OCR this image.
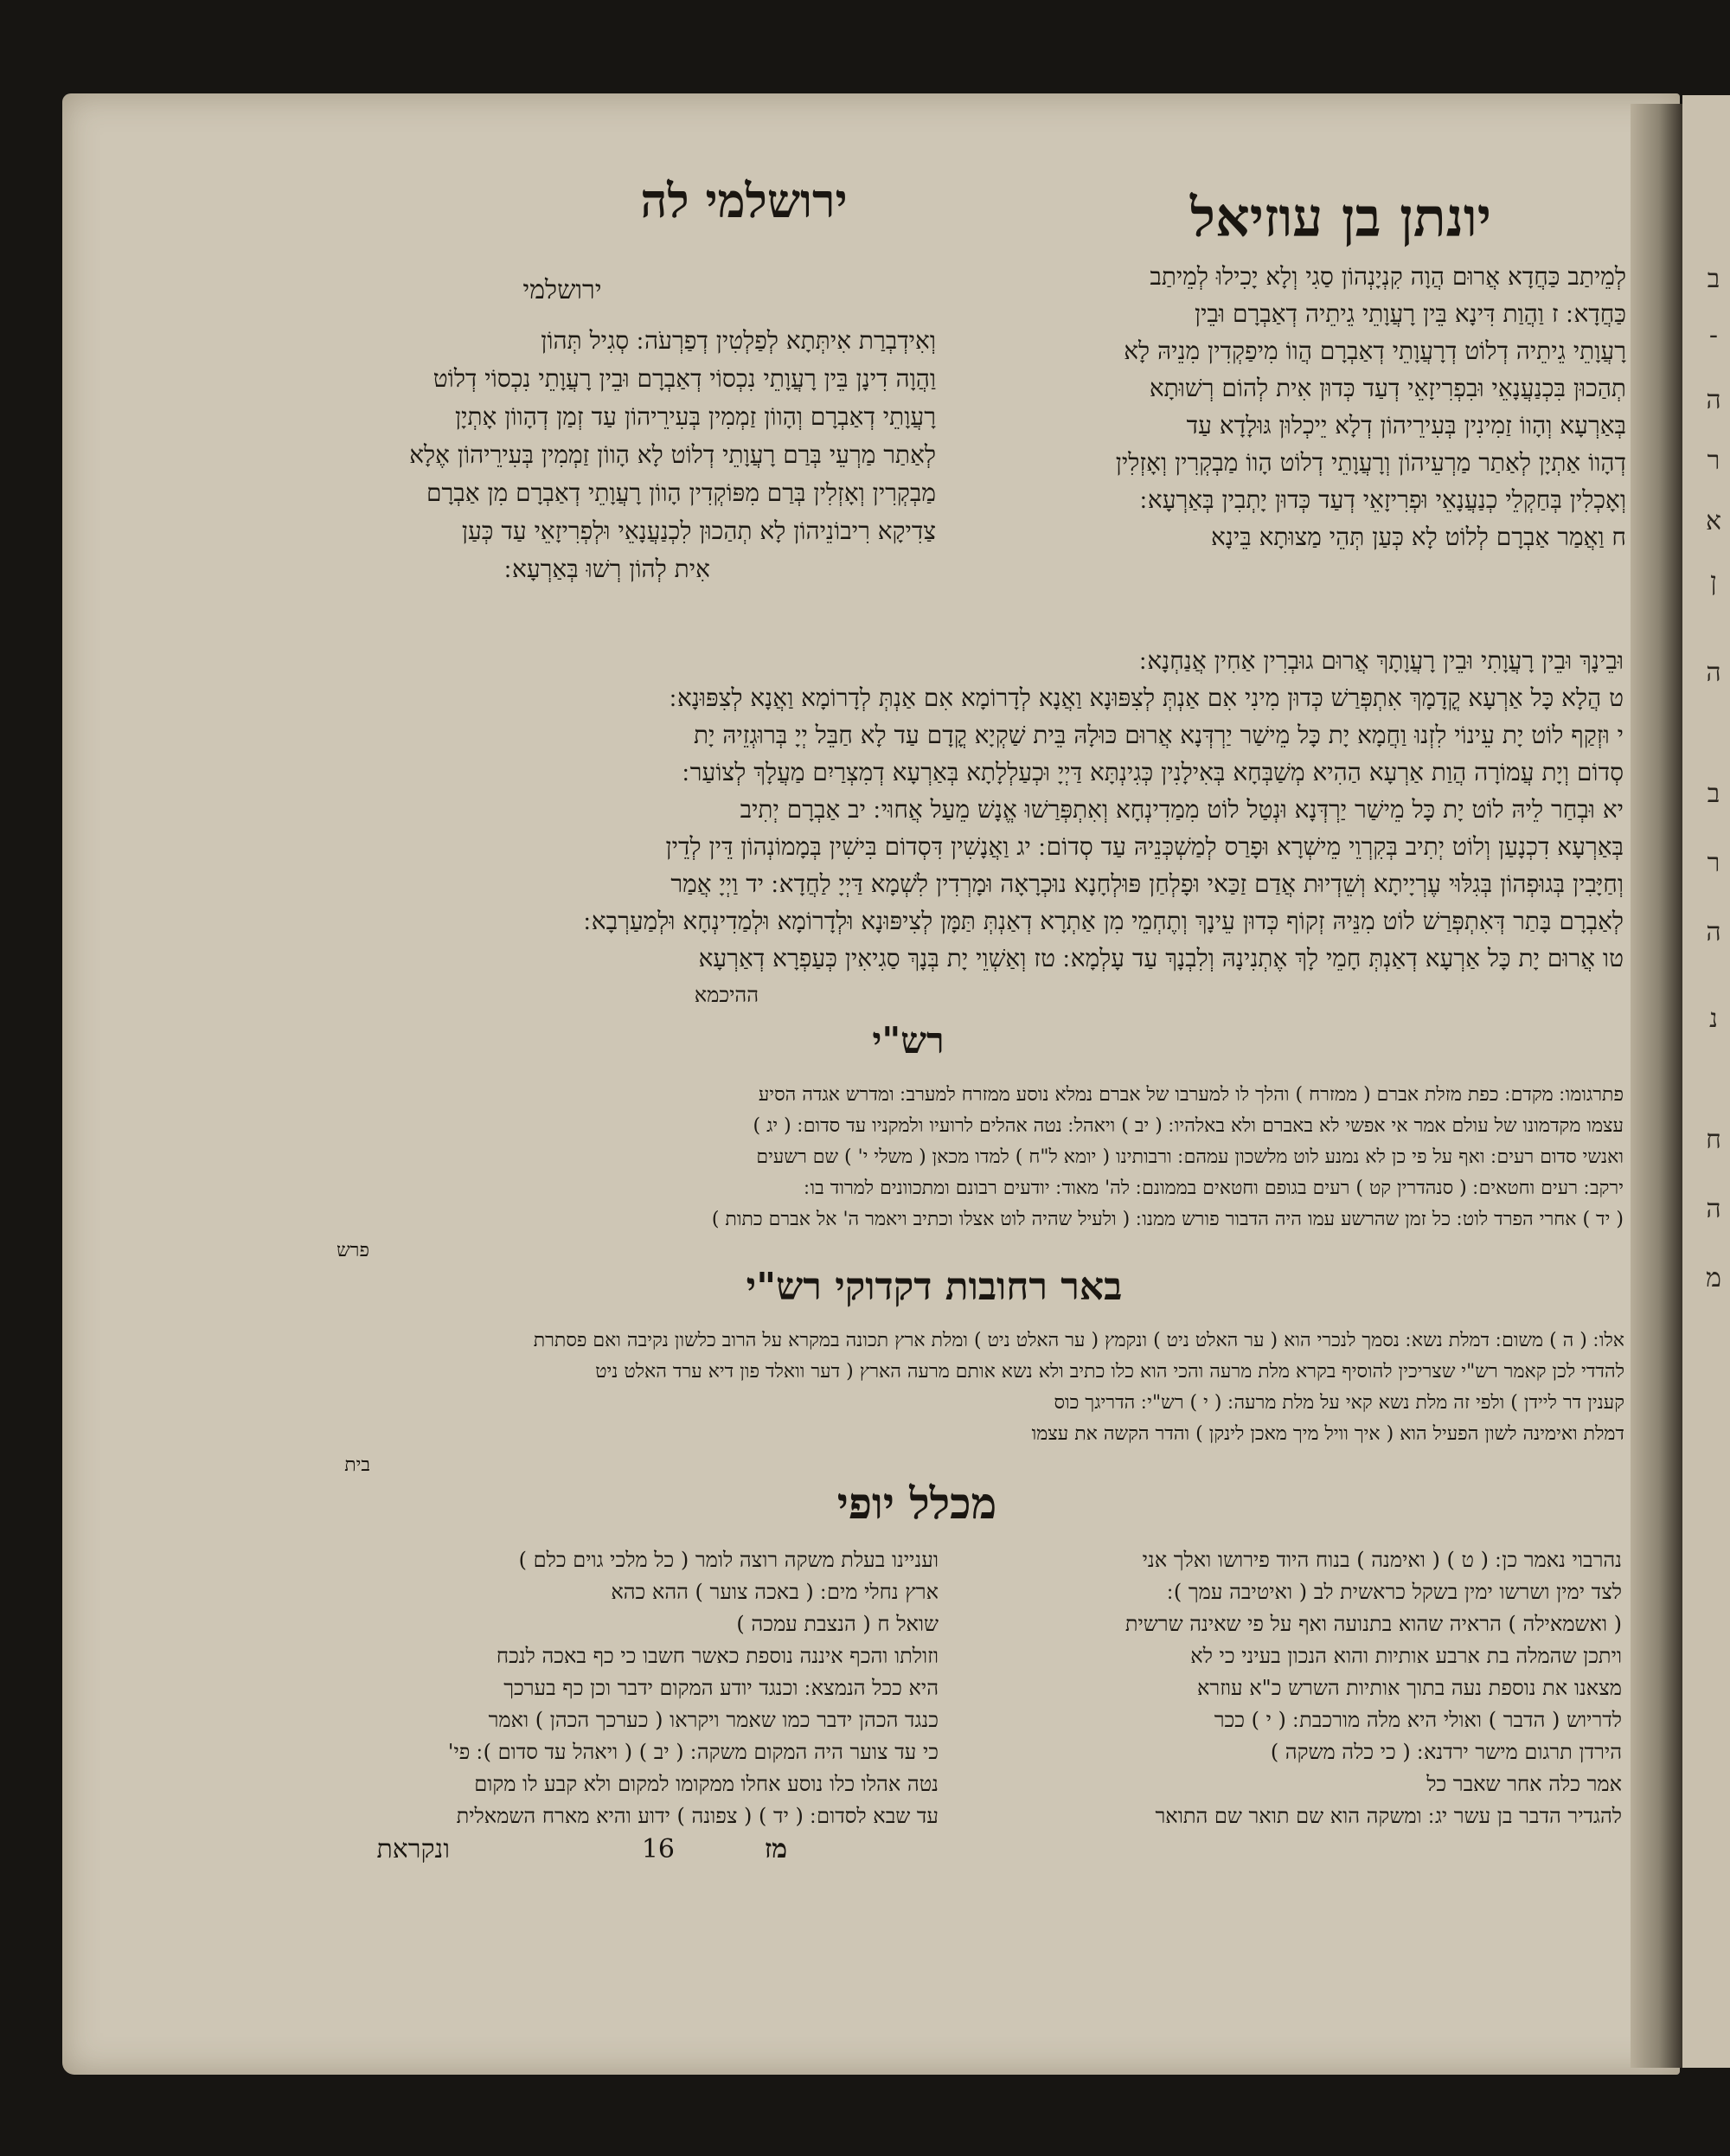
יונתן בן עוזיאל
ירושלמי לה
ירושלמי	לְמֵיתַב כַּחֲדָא אֲרוּם הֲוָה קִנְיָנְהוֹן סַגִי וְלָא יָכִילוּ לְמֵיתַב
כַּחֲדָא ׃ ז וַהֲוַת דִּינָא בֵּין רָעֲוָתֵי גֵיתֵיה דְאַבְרָם וּבֵין
רָעֲוָתֵי גֵיתֵיה דְלוֹט דְרָעֲוָתֵי דְאַבְרָם הֲווֹ מִיפַקְדִין מִנֵיהּ לָא
תְהַכוּן בִּכְנַעֲנָאֵי וּבִפְרִיזָאֵי דְעַד כְּדוּן אִית לְהוֹם רְשׁוּתָא
בְּאַרְעָא וְהָווֹ זַמִינִין בְּעִירֵיהוֹן דְלָא יֵיכְלוּן גּוּלָדָא עַד
דְהָווֹ אַתְיָן לְאַתַר מַרְעֵיהוֹן וְרָעֲוָתֵי דְלוֹט הָווֹ מַבְקְרִין וְאָזְלִין
וְאָכְלִין בְּחַקְלֵי כְנַעֲנָאֵי וּפְרִיזָאֵי דְעַד כְּדוּן יָתְבִין בְּאַרְעָא ׃
ח וַאֲמַר אַבְרָם לְלוֹט לָא כְּעַן תְּהֵי מַצוּתָא בֵּינָא
וְאִידְבְרַת אִיתְּתָא לְפַלְטִין דְפַרְעֹה ׃ סְגִיל תְּהוֹן
וַהֲוָה דִינָן בֵּין רָעֲוָתֵי נִכְסוֹי דְאַבְרָם וּבֵין רָעֲוָתֵי נִכְסוֹי דְלוֹט
רָעֲוָתֵי דְאַבְרָם וְהָווֹן זַמְמִין בְּעִירֵיהוֹן עַד זְמַן דְהָווֹן אָתְיָן
לְאַתַר מַרְעֵי בְּרַם רָעֲוָתֵי דְלוֹט לָא הָווֹן זַמְמִין בְּעִירֵיהוֹן אֶלָא
מַבְקְרִין וְאָזְלִין בְּרַם מִפּוֹקְדִין הָווֹן רָעֲוָתֵי דְאַבְרָם מִן אַבְרָם
צַדִיקָא רִיבוֹנֵיהוֹן לָא תְהַכוּן לִכְנַעֲנָאֵי וּלְפְרִיזָאֵי עַד כְּעַן
אִית לְהוֹן רְשׁוּ בְּאַרְעָא ׃
וּבֵינָךְ וּבֵין רָעֲוָתִי וּבֵין רָעֲוָתָךְ אֲרוּם גוּבְרִין אַחִין אֲנַחְנָא ׃
ט הֲלָא כָּל אַרְעָא קֳדָמָךְ אִתְפְּרַשׁ כְּדוּן מִינִי אִם אַנְתְּ לְצִפּוּנָא וַאֲנָא לְדָרוֹמָא אִם אַנְתְּ לְדָרוֹמָא וַאֲנָא לְצִפּוּנָא ׃
י וּזְקַף לוֹט יָת עֵינוֹי לִזְנוּ וַחֲמָא יָת כָּל מֵישַׁר יַרְדְּנָא אֲרוּם כּוּלָהּ בֵּית שַׁקְיָא קֳדָם עַד לָא חַבֵּל יְיָ בְּרוּגְזֵיהּ יָת
סְדוֹם וְיָת עֲמוֹרָה הֲוַת אַרְעָא הַהִיא מְשַׁבְּחָא בְּאִילָנִין כְּגִינְתָּא דַּיְיָ וּכְעַלְלָתָא בְּאַרְעָא דְמִצְרַיִם מַעֲלָךְ לְצוֹעַר ׃
יא וּבְחַר לֵיהּ לוֹט יָת כָּל מֵישַׁר יַרְדְּנָא וּנְטַל לוֹט מִמַדִינְחָא וְאִתְפְּרַשׁוּ אֱנָשׁ מֵעַל אֲחוּי ׃ יב אַבְרָם יְתִיב
בְּאַרְעָא דִכְנָעַן וְלוֹט יְתִיב בְּקִרְוֵי מֵישְׁרָא וּפָרַס לְמַשְׁכְּנֵיהּ עַד סְדוֹם ׃ יג וַאֲנָשִׁין דִּסְדוֹם בִּישִׁין בְּמָמוֹנְהוֹן דֵּין לְדֵין
וְחַיָּבִין בְּגוּפְהוֹן בְּגִלּוּי עֶרְיָיתָא וְשֵׁדְיוּת אֲדַם זַכַּאי וּפָלְחַן פּוּלְחָנָא נוּכְרָאָה וּמָרְדִין לִשְׁמָא דַּיְיָ לַחֲדָא ׃ יד וַיְיָ אֲמַר
לְאַבְרָם בָּתַר דְּאִתְפְּרַשׁ לוֹט מִנֵּיהּ זְקוֹף כְּדוּן עֵינָךְ וְתֶחְמֵי מִן אַתְרָא דְאַנְתְּ תַּמָּן לְצִיפּוּנָא וּלְדָרוֹמָא וּלְמַדִינְחָא וּלְמַעַרְבָא ׃
טו אֲרוּם יָת כָּל אַרְעָא דְאַנְתְּ חָמֵי לָךְ אֶתְנִינָהּ וְלִבְנָךְ עַד עָלְמָא ׃ טז וְאַשְׁוֵי יָת בְּנָךְ סַגִיאִין כְּעַפְרָא דְאַרְעָא
ההיכמא
רש"י
פתרגומו ׃ מקדם ׃ כפת מזלת אברם ( ממזרח ) והלך לו למערבו של אברם נמלא נוסע ממזרח למערב ׃ ומדרש אגדה הסיע
עצמו מקדמונו של עולם אמר אי אפשי לא באברם ולא באלהיו ׃ ( יב ) ויאהל ׃ נטה אהלים לרועיו ולמקניו עד סדום ׃ ( יג )
ואנשי סדום רעים ׃ ואף על פי כן לא נמנע לוט מלשכון עמהם ׃ ורבותינו ( יומא ל"ח ) למדו מכאן ( משלי י' ) שם רשעים
ירקב ׃ רעים וחטאים ׃ ( סנהדרין קט ) רעים בגופם וחטאים בממונם ׃ לה' מאוד ׃ יודעים רבונם ומתכוונים למרוד בו ׃
( יד ) אחרי הפרד לוט ׃ כל זמן שהרשע עמו היה הדבור פורש ממנו ׃ ( ולעיל שהיה לוט אצלו וכתיב ויאמר ה' אל אברם כתות )
פרש
באר רחובות דקדוקי רש"י
אלו ׃ ( ה ) משום ׃ דמלת נשא ׃ נסמך לנכרי הוא ( ער האלט ניט ) ונקמץ ( ער האלט ניט ) ומלת ארץ תכונה במקרא על הרוב כלשון נקיבה ואם פסתרת
להדדי לכן קאמר רש"י שצריכין להוסיף בקרא מלת מרעה והכי הוא כלו כתיב ולא נשא אותם מרעה הארץ ( דער וואלד פון דיא ערד האלט ניט
קענין דר ליידן ) ולפי זה מלת נשא קאי על מלת מרעה ׃ ( י ) רש"י ׃ הדריגך כוס
דמלת ואימינה לשון הפעיל הוא ( איך וויל מיך מאכן לינקן ) והדר הקשה את עצמו
בית
מכלל יופי
נהרבוי נאמר כן ׃ ( ט ) ( ואימנה ) בנוח היוד פירושו ואלך אני
לצד ימין ושרשו ימין בשקל כראשית לב ( ואיטיבה עמך ) ׃
( ואשמאילה ) הראיה שהוא בתנועה ואף על פי שאינה שרשית
ויתכן שהמלה בת ארבע אותיות והוא הנכון בעיני כי לא
מצאנו את נוספת נעה בתוך אותיות השרש כ"א עוזרא
לדריוש ( הדבר ) ואולי היא מלה מורכבת ׃ ( י ) ככר
הירדן תרגום מישר ירדנא ׃ ( כי כלה משקה )
אמר כלה אחר שאבר כל
להגדיר הדבר בן עשר יג ׃ ומשקה הוא שם תואר שם התואר
ועניינו בעלת משקה רוצה לומר ( כל מלכי גוים כלם )
ארץ נחלי מים ׃ ( באכה צוער ) ההא כהא
שואל ח ( הנצבת עמכה )
וזולתו והכף איננה נוספת כאשר חשבו כי כף באכה לנכח
היא ככל הנמצא ׃ וכנגד יודע המקום ידבר וכן כף בערכך
כנגד הכהן ידבר כמו שאמר ויקראו ( כערכך הכהן ) ואמר
כי עד צוער היה המקום משקה ׃ ( יב ) ( ויאהל עד סדום ) ׃ פי'
נטה אהלו כלו נוסע אחלו ממקומו למקום ולא קבע לו מקום
עד שבא לסדום ׃ ( יד ) ( צפונה ) ידוע והיא מארח השמאלית
מז
16
ונקראת
ב
-
ה
ר
א
ן
ה
ב
ר
ה
נ
ח
ה
מ
